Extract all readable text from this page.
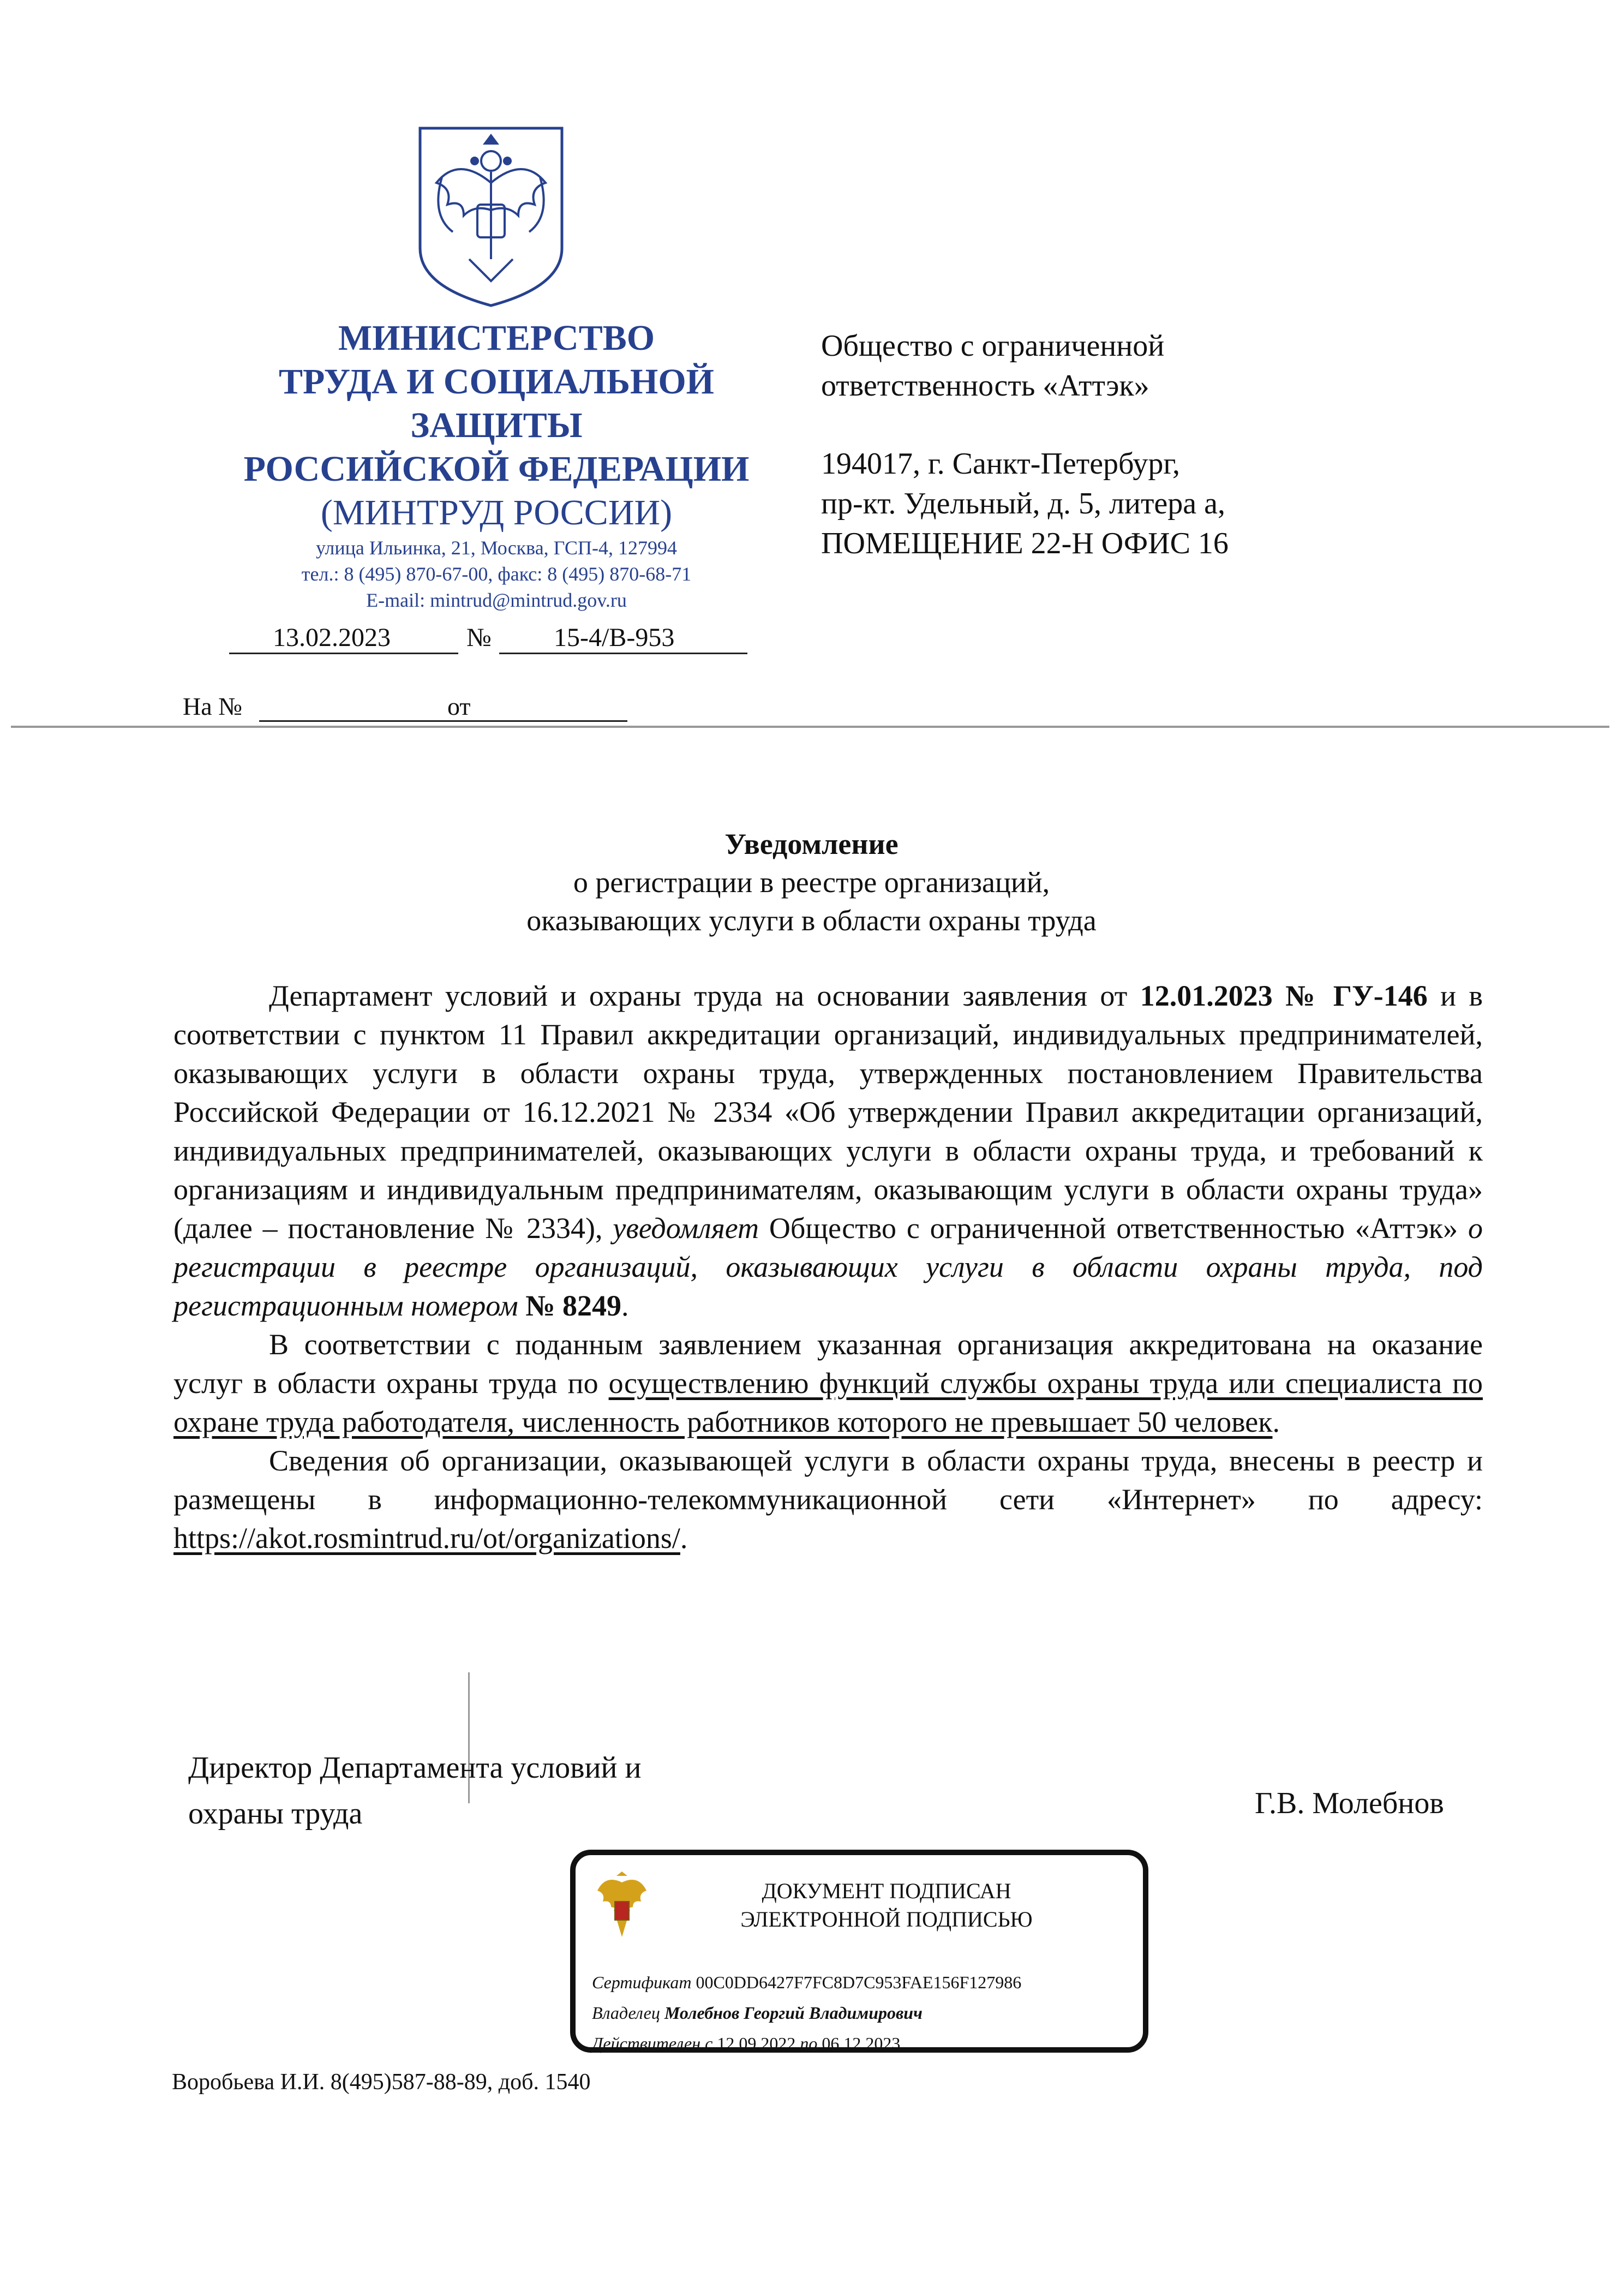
МИНИСТЕРСТВО
ТРУДА И СОЦИАЛЬНОЙ
ЗАЩИТЫ
РОССИЙСКОЙ ФЕДЕРАЦИИ
(МИНТРУД РОССИИ)
улица Ильинка, 21, Москва, ГСП-4, 127994
тел.: 8 (495) 870-67-00, факс: 8 (495) 870-68-71
E-mail: mintrud@mintrud.gov.ru
13.02.2023	№ 15-4/В-953
На №	от

Общество с ограниченной

ответственность «Аттэк»

194017, г. Санкт-Петербург,

пр-кт. Удельный, д. 5, литера а,

ПОМЕЩЕНИЕ 22-Н ОФИС 16

Уведомление
о регистрации в реестре организаций,
оказывающих услуги в области охраны труда

Департамент условий и охраны труда на основании заявления от 12.01.2023 № ГУ-146 и в соответствии с пунктом 11 Правил аккредитации организаций, индивидуальных предпринимателей, оказывающих услуги в области охраны труда, утвержденных постановлением Правительства Российской Федерации от 16.12.2021 № 2334 «Об утверждении Правил аккредитации организаций, индивидуальных предпринимателей, оказывающих услуги в области охраны труда, и требований к организациям и индивидуальным предпринимателям, оказывающим услуги в области охраны труда» (далее – постановление № 2334), уведомляет Общество с ограниченной ответственностью «Аттэк» о регистрации в реестре организаций, оказывающих услуги в области охраны труда, под регистрационным номером № 8249.

В соответствии с поданным заявлением указанная организация аккредитована на оказание услуг в области охраны труда по осуществлению функций службы охраны труда или специалиста по охране труда работодателя, численность работников которого не превышает 50 человек.

Сведения об организации, оказывающей услуги в области охраны труда, внесены в реестр и размещены в информационно-телекоммуникационной сети «Интернет» по адресу: https://akot.rosmintrud.ru/ot/organizations/.

Директор Департамента условий и
охраны труда	Г.В. Молебнов
ДОКУМЕНТ ПОДПИСАН
ЭЛЕКТРОННОЙ ПОДПИСЬЮ
Сертификат 00C0DD6427F7FC8D7C953FAE156F127986
Владелец Молебнов Георгий Владимирович
Действителен с 12.09.2022 по 06.12.2023
Воробьева И.И. 8(495)587-88-89, доб. 1540
